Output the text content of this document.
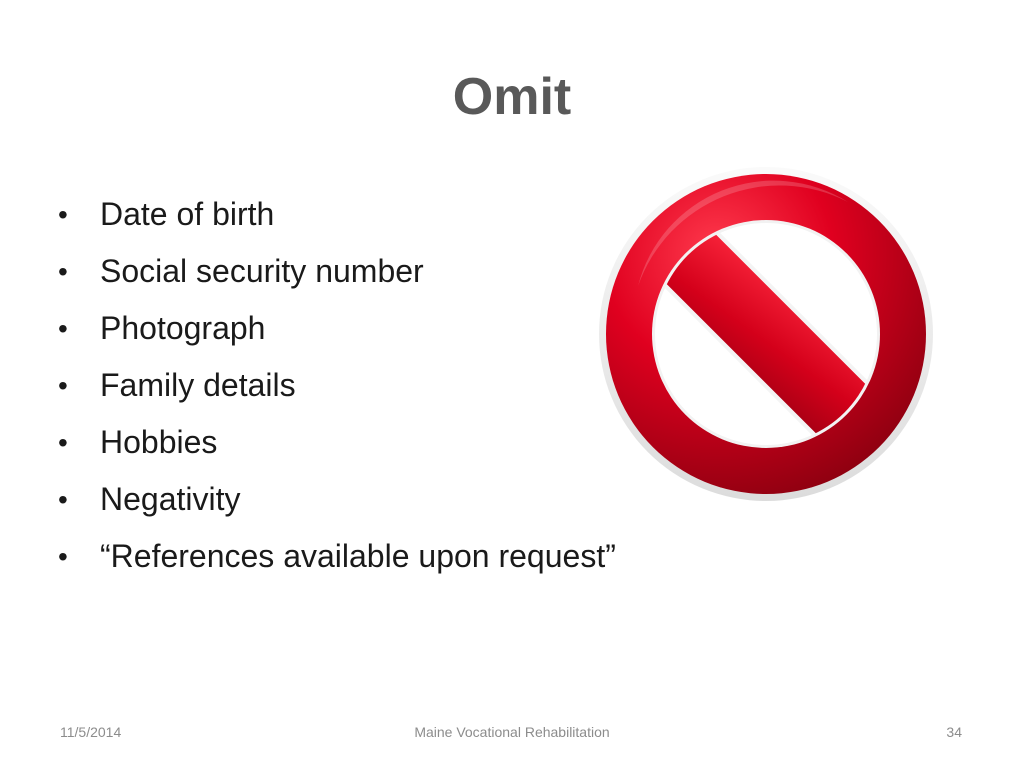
Omit
•	Date of birth
•	Social security number
•	Photograph
•	Family details
•	Hobbies
•	Negativity
•	“References available upon request”
11/5/2014	Maine Vocational Rehabilitation	34
